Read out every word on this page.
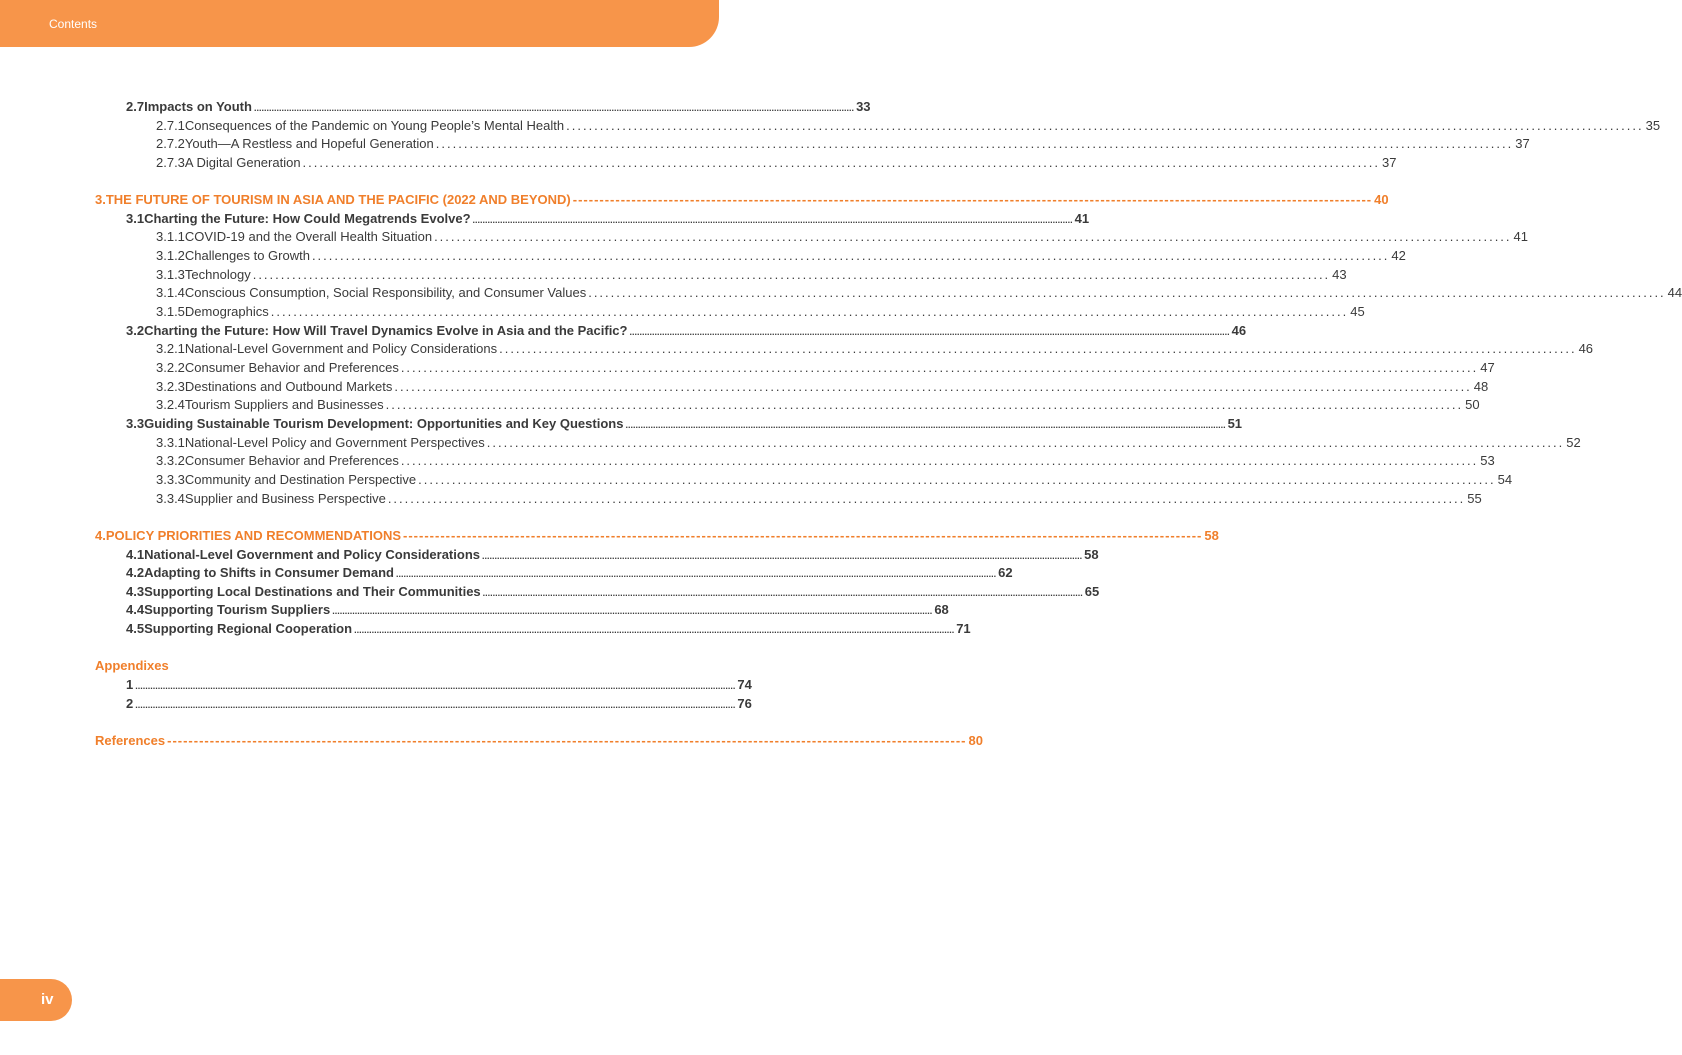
Contents
2.7 Impacts on Youth ................................................................................................................................................................................................................................................ 33
2.7.1 Consequences of the Pandemic on Young People’s Mental Health ................................................................................................................................................................................................ 35
2.7.2 Youth—A Restless and Hopeful Generation ................................................................................................................................................................................................ 37
2.7.3 A Digital Generation ................................................................................................................................................................................................ 37
3. THE FUTURE OF TOURISM IN ASIA AND THE PACIFIC (2022 AND BEYOND) ------------------------------------------------------------------------------------------------------------------------------------------------------ 40
3.1 Charting the Future: How Could Megatrends Evolve? ................................................................................................................................................................................................................................................ 41
3.1.1 COVID-19 and the Overall Health Situation ................................................................................................................................................................................................ 41
3.1.2 Challenges to Growth ................................................................................................................................................................................................ 42
3.1.3 Technology ................................................................................................................................................................................................ 43
3.1.4 Conscious Consumption, Social Responsibility, and Consumer Values ................................................................................................................................................................................................ 44
3.1.5 Demographics ................................................................................................................................................................................................ 45
3.2 Charting the Future: How Will Travel Dynamics Evolve in Asia and the Pacific? ................................................................................................................................................................................................................................................ 46
3.2.1 National-Level Government and Policy Considerations ................................................................................................................................................................................................ 46
3.2.2 Consumer Behavior and Preferences ................................................................................................................................................................................................ 47
3.2.3 Destinations and Outbound Markets ................................................................................................................................................................................................ 48
3.2.4 Tourism Suppliers and Businesses ................................................................................................................................................................................................ 50
3.3 Guiding Sustainable Tourism Development: Opportunities and Key Questions ................................................................................................................................................................................................................................................ 51
3.3.1 National-Level Policy and Government Perspectives ................................................................................................................................................................................................ 52
3.3.2 Consumer Behavior and Preferences ................................................................................................................................................................................................ 53
3.3.3 Community and Destination Perspective ................................................................................................................................................................................................ 54
3.3.4 Supplier and Business Perspective ................................................................................................................................................................................................ 55
4. POLICY PRIORITIES AND RECOMMENDATIONS ------------------------------------------------------------------------------------------------------------------------------------------------------ 58
4.1 National-Level Government and Policy Considerations ................................................................................................................................................................................................................................................ 58
4.2 Adapting to Shifts in Consumer Demand ................................................................................................................................................................................................................................................ 62
4.3 Supporting Local Destinations and Their Communities ................................................................................................................................................................................................................................................ 65
4.4 Supporting Tourism Suppliers ................................................................................................................................................................................................................................................ 68
4.5 Supporting Regional Cooperation ................................................................................................................................................................................................................................................ 71
Appendixes
1 ................................................................................................................................................................................................................................................ 74
2 ................................................................................................................................................................................................................................................ 76
References ------------------------------------------------------------------------------------------------------------------------------------------------------ 80
iv
